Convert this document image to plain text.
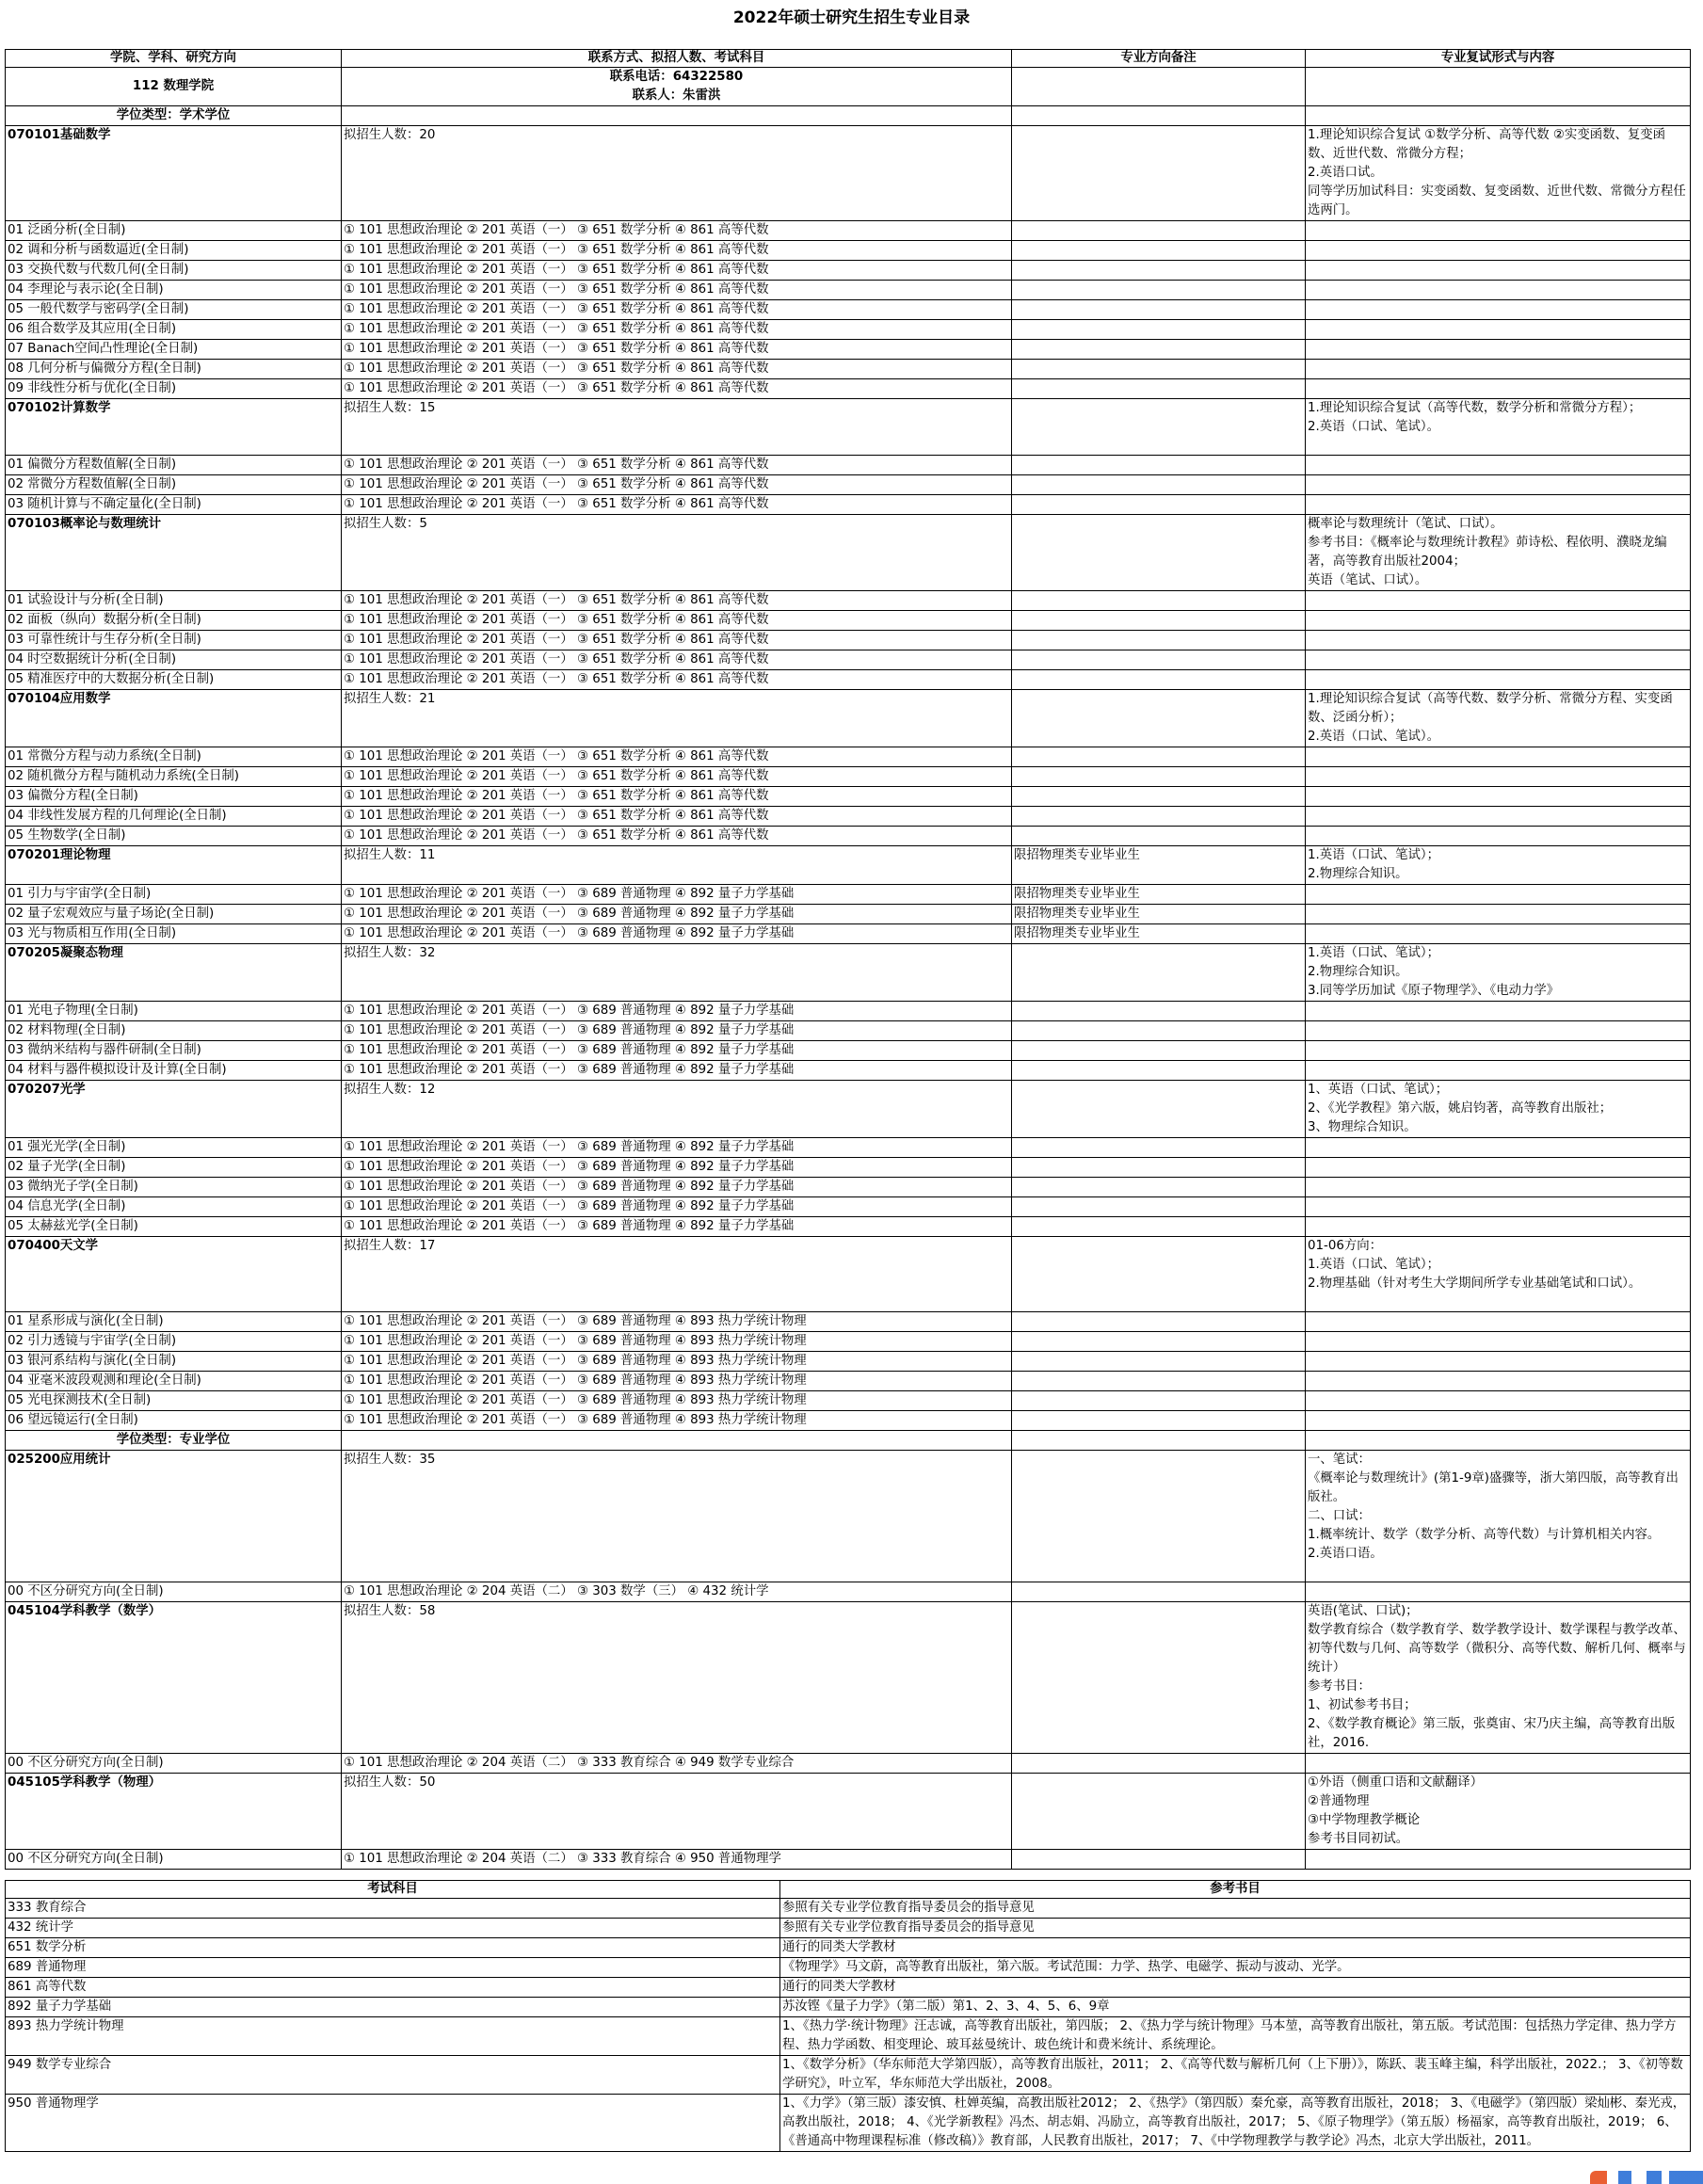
2022年硕士研究生招生专业目录
学院、学科、研究方向	联系方式、拟招人数、考试科目	专业方向备注	专业复试形式与内容
112 数理学院	联系电话：64322580
联系人：朱雷洪		

学位类型：学术学位			
070101基础数学	拟招生人数：20		1.理论知识综合复试 ①数学分析、高等代数 ②实变函数、复变函数、近世代数、常微分方程；
2.英语口试。
同等学历加试科目：实变函数、复变函数、近世代数、常微分方程任选两门。

01 泛函分析(全日制)	① 101 思想政治理论 ② 201 英语（一） ③ 651 数学分析 ④ 861 高等代数		
02 调和分析与函数逼近(全日制)	① 101 思想政治理论 ② 201 英语（一） ③ 651 数学分析 ④ 861 高等代数		
03 交换代数与代数几何(全日制)	① 101 思想政治理论 ② 201 英语（一） ③ 651 数学分析 ④ 861 高等代数		
04 李理论与表示论(全日制)	① 101 思想政治理论 ② 201 英语（一） ③ 651 数学分析 ④ 861 高等代数		
05 一般代数学与密码学(全日制)	① 101 思想政治理论 ② 201 英语（一） ③ 651 数学分析 ④ 861 高等代数		
06 组合数学及其应用(全日制)	① 101 思想政治理论 ② 201 英语（一） ③ 651 数学分析 ④ 861 高等代数		
07 Banach空间凸性理论(全日制)	① 101 思想政治理论 ② 201 英语（一） ③ 651 数学分析 ④ 861 高等代数		
08 几何分析与偏微分方程(全日制)	① 101 思想政治理论 ② 201 英语（一） ③ 651 数学分析 ④ 861 高等代数		
09 非线性分析与优化(全日制)	① 101 思想政治理论 ② 201 英语（一） ③ 651 数学分析 ④ 861 高等代数		
070102计算数学	拟招生人数：15		1.理论知识综合复试（高等代数，数学分析和常微分方程）；
2.英语（口试、笔试）。

01 偏微分方程数值解(全日制)	① 101 思想政治理论 ② 201 英语（一） ③ 651 数学分析 ④ 861 高等代数		
02 常微分方程数值解(全日制)	① 101 思想政治理论 ② 201 英语（一） ③ 651 数学分析 ④ 861 高等代数		
03 随机计算与不确定量化(全日制)	① 101 思想政治理论 ② 201 英语（一） ③ 651 数学分析 ④ 861 高等代数		
070103概率论与数理统计	拟招生人数：5		概率论与数理统计（笔试、口试）。
参考书目：《概率论与数理统计教程》茆诗松、程依明、濮晓龙编著，高等教育出版社2004；
英语（笔试、口试）。

01 试验设计与分析(全日制)	① 101 思想政治理论 ② 201 英语（一） ③ 651 数学分析 ④ 861 高等代数		
02 面板（纵向）数据分析(全日制)	① 101 思想政治理论 ② 201 英语（一） ③ 651 数学分析 ④ 861 高等代数		
03 可靠性统计与生存分析(全日制)	① 101 思想政治理论 ② 201 英语（一） ③ 651 数学分析 ④ 861 高等代数		
04 时空数据统计分析(全日制)	① 101 思想政治理论 ② 201 英语（一） ③ 651 数学分析 ④ 861 高等代数		
05 精准医疗中的大数据分析(全日制)	① 101 思想政治理论 ② 201 英语（一） ③ 651 数学分析 ④ 861 高等代数		
070104应用数学	拟招生人数：21		1.理论知识综合复试（高等代数、数学分析、常微分方程、实变函数、泛函分析）；
2.英语（口试、笔试）。

01 常微分方程与动力系统(全日制)	① 101 思想政治理论 ② 201 英语（一） ③ 651 数学分析 ④ 861 高等代数		
02 随机微分方程与随机动力系统(全日制)	① 101 思想政治理论 ② 201 英语（一） ③ 651 数学分析 ④ 861 高等代数		
03 偏微分方程(全日制)	① 101 思想政治理论 ② 201 英语（一） ③ 651 数学分析 ④ 861 高等代数		
04 非线性发展方程的几何理论(全日制)	① 101 思想政治理论 ② 201 英语（一） ③ 651 数学分析 ④ 861 高等代数		
05 生物数学(全日制)	① 101 思想政治理论 ② 201 英语（一） ③ 651 数学分析 ④ 861 高等代数		
070201理论物理	拟招生人数：11	限招物理类专业毕业生	1.英语（口试、笔试）；
2.物理综合知识。

01 引力与宇宙学(全日制)	① 101 思想政治理论 ② 201 英语（一） ③ 689 普通物理 ④ 892 量子力学基础	限招物理类专业毕业生	
02 量子宏观效应与量子场论(全日制)	① 101 思想政治理论 ② 201 英语（一） ③ 689 普通物理 ④ 892 量子力学基础	限招物理类专业毕业生	
03 光与物质相互作用(全日制)	① 101 思想政治理论 ② 201 英语（一） ③ 689 普通物理 ④ 892 量子力学基础	限招物理类专业毕业生	
070205凝聚态物理	拟招生人数：32		1.英语（口试、笔试）；
2.物理综合知识。
3.同等学历加试《原子物理学》、《电动力学》

01 光电子物理(全日制)	① 101 思想政治理论 ② 201 英语（一） ③ 689 普通物理 ④ 892 量子力学基础		
02 材料物理(全日制)	① 101 思想政治理论 ② 201 英语（一） ③ 689 普通物理 ④ 892 量子力学基础		
03 微纳米结构与器件研制(全日制)	① 101 思想政治理论 ② 201 英语（一） ③ 689 普通物理 ④ 892 量子力学基础		
04 材料与器件模拟设计及计算(全日制)	① 101 思想政治理论 ② 201 英语（一） ③ 689 普通物理 ④ 892 量子力学基础		
070207光学	拟招生人数：12		1、英语（口试、笔试）；
2、《光学教程》第六版，姚启钧著，高等教育出版社；
3、物理综合知识。

01 强光光学(全日制)	① 101 思想政治理论 ② 201 英语（一） ③ 689 普通物理 ④ 892 量子力学基础		
02 量子光学(全日制)	① 101 思想政治理论 ② 201 英语（一） ③ 689 普通物理 ④ 892 量子力学基础		
03 微纳光子学(全日制)	① 101 思想政治理论 ② 201 英语（一） ③ 689 普通物理 ④ 892 量子力学基础		
04 信息光学(全日制)	① 101 思想政治理论 ② 201 英语（一） ③ 689 普通物理 ④ 892 量子力学基础		
05 太赫兹光学(全日制)	① 101 思想政治理论 ② 201 英语（一） ③ 689 普通物理 ④ 892 量子力学基础		
070400天文学	拟招生人数：17		01-06方向：
1.英语（口试、笔试）；
2.物理基础（针对考生大学期间所学专业基础笔试和口试）。

01 星系形成与演化(全日制)	① 101 思想政治理论 ② 201 英语（一） ③ 689 普通物理 ④ 893 热力学统计物理		
02 引力透镜与宇宙学(全日制)	① 101 思想政治理论 ② 201 英语（一） ③ 689 普通物理 ④ 893 热力学统计物理		
03 银河系结构与演化(全日制)	① 101 思想政治理论 ② 201 英语（一） ③ 689 普通物理 ④ 893 热力学统计物理		
04 亚毫米波段观测和理论(全日制)	① 101 思想政治理论 ② 201 英语（一） ③ 689 普通物理 ④ 893 热力学统计物理		
05 光电探测技术(全日制)	① 101 思想政治理论 ② 201 英语（一） ③ 689 普通物理 ④ 893 热力学统计物理		
06 望远镜运行(全日制)	① 101 思想政治理论 ② 201 英语（一） ③ 689 普通物理 ④ 893 热力学统计物理		
学位类型：专业学位			
025200应用统计	拟招生人数：35		一、笔试：
《概率论与数理统计》(第1-9章)盛骤等，浙大第四版，高等教育出版社。
二、口试：
1.概率统计、数学（数学分析、高等代数）与计算机相关内容。
2.英语口语。

00 不区分研究方向(全日制)	① 101 思想政治理论 ② 204 英语（二） ③ 303 数学（三） ④ 432 统计学		
045104学科教学（数学）	拟招生人数：58		英语(笔试、口试)；
数学教育综合（数学教育学、数学教学设计、数学课程与教学改革、初等代数与几何、高等数学（微积分、高等代数、解析几何、概率与统计）
参考书目：
1、初试参考书目；
2、《数学教育概论》第三版，张奠宙、宋乃庆主编，高等教育出版社，2016.

00 不区分研究方向(全日制)	① 101 思想政治理论 ② 204 英语（二） ③ 333 教育综合 ④ 949 数学专业综合		
045105学科教学（物理）	拟招生人数：50		①外语（侧重口语和文献翻译）
②普通物理
③中学物理教学概论
参考书目同初试。

00 不区分研究方向(全日制)	① 101 思想政治理论 ② 204 英语（二） ③ 333 教育综合 ④ 950 普通物理学		
考试科目	参考书目
333 教育综合	参照有关专业学位教育指导委员会的指导意见
432 统计学	参照有关专业学位教育指导委员会的指导意见
651 数学分析	通行的同类大学教材
689 普通物理	《物理学》马文蔚，高等教育出版社，第六版。考试范围：力学、热学、电磁学、振动与波动、光学。
861 高等代数	通行的同类大学教材
892 量子力学基础	苏汝铿《量子力学》（第二版）第1、2、3、4、5、6、9章
893 热力学统计物理	1、《热力学·统计物理》汪志诚，高等教育出版社，第四版； 2、《热力学与统计物理》马本堃，高等教育出版社，第五版。考试范围：包括热力学定律、热力学方程、热力学函数、相变理论、玻耳兹曼统计、玻色统计和费米统计、系统理论。
949 数学专业综合	1、《数学分析》（华东师范大学第四版），高等教育出版社，2011； 2、《高等代数与解析几何（上下册）》，陈跃、裴玉峰主编，科学出版社，2022.； 3、《初等数学研究》，叶立军，华东师范大学出版社，2008。
950 普通物理学	1、《力学》（第三版）漆安慎、杜婵英编，高教出版社2012； 2、《热学》（第四版）秦允豪，高等教育出版社，2018； 3、《电磁学》（第四版）梁灿彬、秦光戎，高教出版社，2018； 4、《光学新教程》冯杰、胡志娟、冯励立，高等教育出版社，2017； 5、《原子物理学》（第五版）杨福家，高等教育出版社，2019； 6、《普通高中物理课程标准（修改稿）》教育部，人民教育出版社，2017； 7、《中学物理教学与教学论》冯杰，北京大学出版社，2011。
